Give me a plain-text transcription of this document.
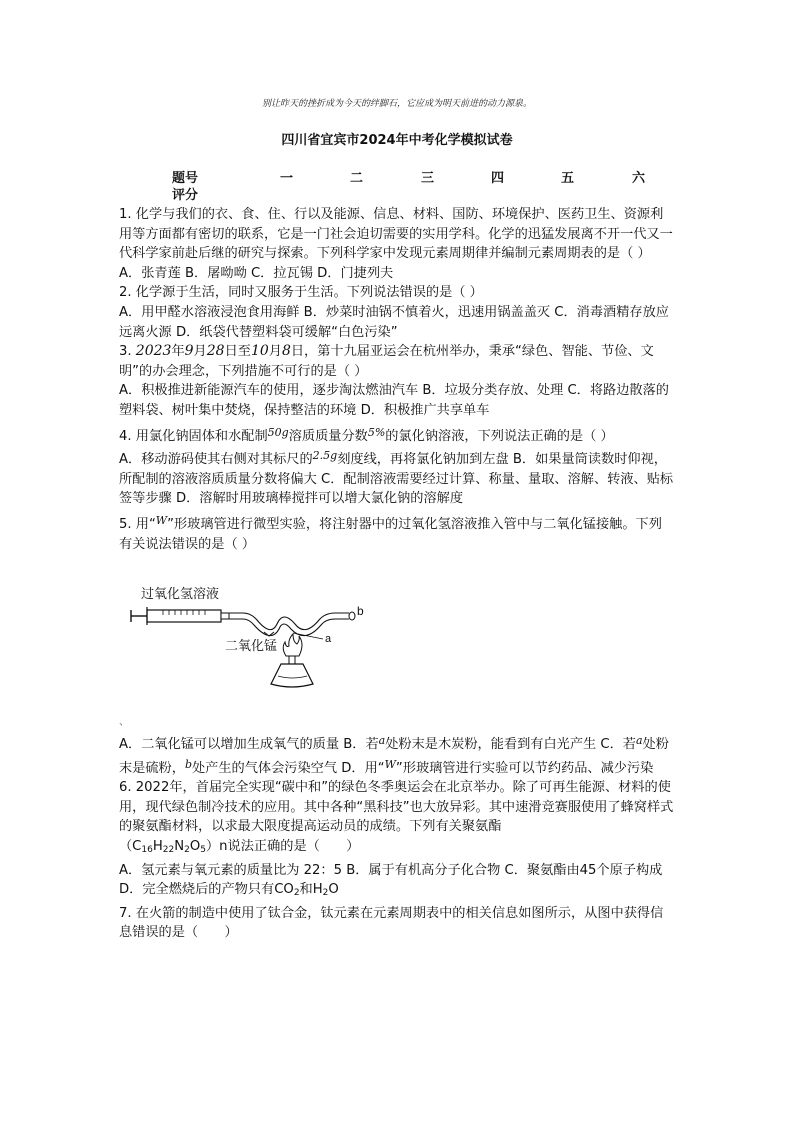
别让昨天的挫折成为今天的绊脚石，它应成为明天前进的动力源泉。
四川省宜宾市2024年中考化学模拟试卷
题号	一	二	三	四	五	六
评分

1. 化学与我们的衣、食、住、行以及能源、信息、材料、国防、环境保护、医药卫生、资源利用等方面都有密切的联系，它是一门社会迫切需要的实用学科。化学的迅猛发展离不开一代又一代科学家前赴后继的研究与探索。下列科学家中发现元素周期律并编制元素周期表的是（ ）

A．张青莲 B．屠呦呦 C．拉瓦锡 D．门捷列夫

2. 化学源于生活，同时又服务于生活。下列说法错误的是（ ）

A．用甲醛水溶液浸泡食用海鲜 B．炒菜时油锅不慎着火，迅速用锅盖盖灭 C．消毒酒精存放应远离火源 D．纸袋代替塑料袋可缓解“白色污染”

3. 2023年9月28日至10月8日，第十九届亚运会在杭州举办，秉承“绿色、智能、节俭、文明”的办会理念，下列措施不可行的是（ ）

A．积极推进新能源汽车的使用，逐步淘汰燃油汽车 B．垃圾分类存放、处理 C．将路边散落的塑料袋、树叶集中焚烧，保持整洁的环境 D．积极推广共享单车

4. 用氯化钠固体和水配制$^{50g}$溶质质量分数$^{5\%}$的氯化钠溶液，下列说法正确的是（ ）

A．移动游码使其右侧对其标尺的$^{2.5g}$刻度线，再将氯化钠加到左盘 B．如果量筒读数时仰视，所配制的溶液溶质质量分数将偏大 C．配制溶液需要经过计算、称量、量取、溶解、转液、贴标签等步骤 D．溶解时用玻璃棒搅拌可以增大氯化钠的溶解度

5. 用“$^W$”形玻璃管进行微型实验，将注射器中的过氧化氢溶液推入管中与二氧化锰接触。下列有关说法错误的是（ ）

过氧化氢溶液
b
二氧化锰	a
、

A．二氧化锰可以增加生成氧气的质量 B．若$^a$处粉末是木炭粉，能看到有白光产生 C．若$^a$处粉末是硫粉，$^b$处产生的气体会污染空气 D．用“$^W$”形玻璃管进行实验可以节约药品、减少污染

6. 2022年，首届完全实现“碳中和”的绿色冬季奥运会在北京举办。除了可再生能源、材料的使用，现代绿色制冷技术的应用。其中各种“黑科技”也大放异彩。其中速滑竞赛服使用了蜂窝样式的聚氨酯材料，以求最大限度提高运动员的成绩。下列有关聚氨酯

$(C_{16}H_{22}N_2O_5)n$说法正确的是（　　）

A．氢元素与氧元素的质量比为 22：5 B．属于有机高分子化合物 C．聚氨酯由45个原子构成 D．完全燃烧后的产物只有$CO_2$和$H_2O$

7. 在火箭的制造中使用了钛合金，钛元素在元素周期表中的相关信息如图所示，从图中获得信息错误的是（　　）
